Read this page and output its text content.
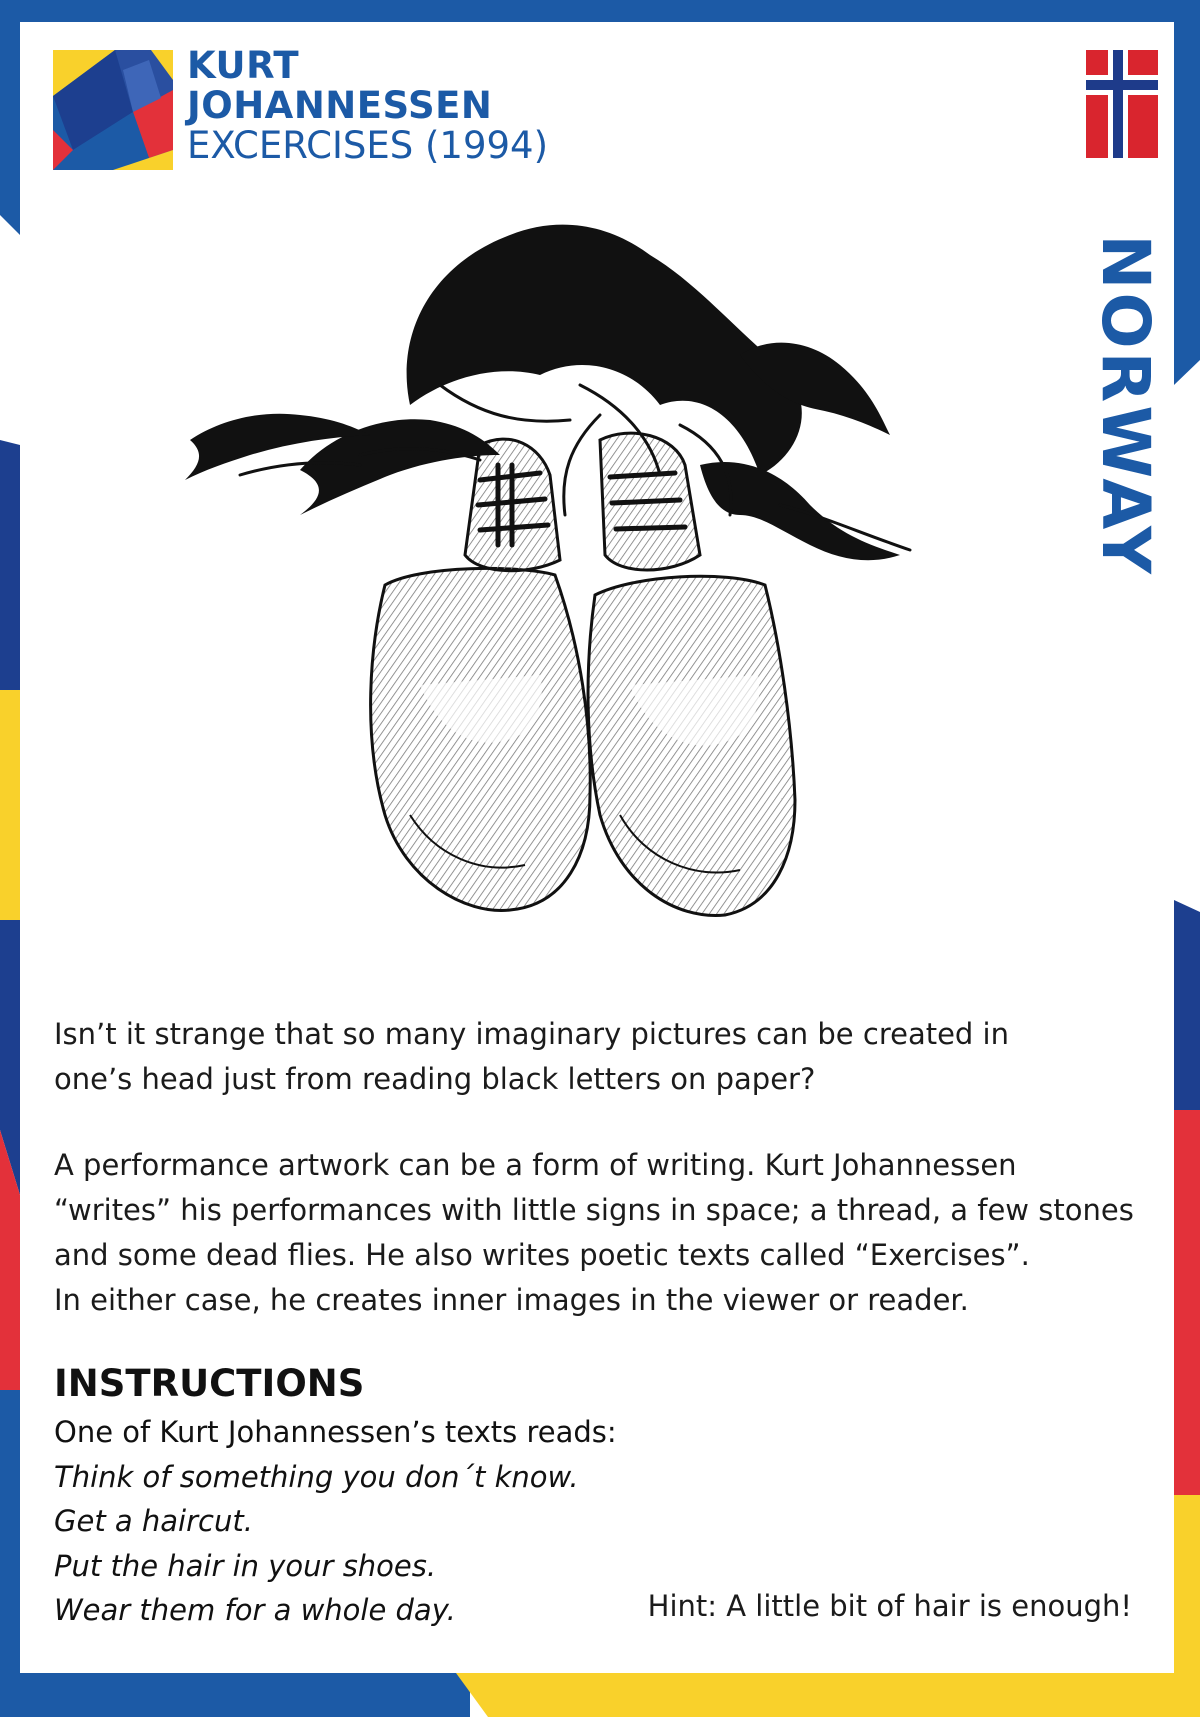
KURT
JOHANNESSEN
EXCERCISES (1994)
NORWAY
Isn’t it strange that so many imaginary pictures can be created in
one’s head just from reading black letters on paper?
A performance artwork can be a form of writing. Kurt Johannessen
“writes” his performances with little signs in space; a thread, a few stones
and some dead flies. He also writes poetic texts called “Exercises”.
In either case, he creates inner images in the viewer or reader.
INSTRUCTIONS
One of Kurt Johannessen’s texts reads:
Think of something you don´t know.
Get a haircut.
Put the hair in your shoes.
Wear them for a whole day.	Hint: A little bit of hair is enough!
